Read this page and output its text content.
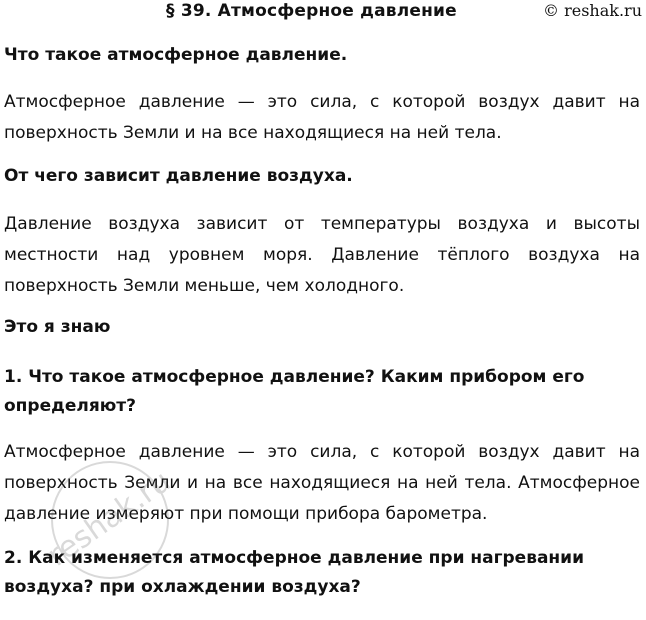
§ 39. Атмосферное давление	© reshak.ru
Что такое атмосферное давление.
Атмосферное давление — это сила, с которой воздух давит на поверхность Земли и на все находящиеся на ней тела.
От чего зависит давление воздуха.
Давление воздуха зависит от температуры воздуха и высоты местности над уровнем моря. Давление тёплого воздуха на поверхность Земли меньше, чем холодного.
Это я знаю
1. Что такое атмосферное давление? Каким прибором его определяют?
Атмосферное давление — это сила, с которой воздух давит на поверхность Земли и на все находящиеся на ней тела. Атмосферное давление измеряют при помощи прибора барометра.
2. Как изменяется атмосферное давление при нагревании воздуха? при охлаждении воздуха?
reshak.ru
